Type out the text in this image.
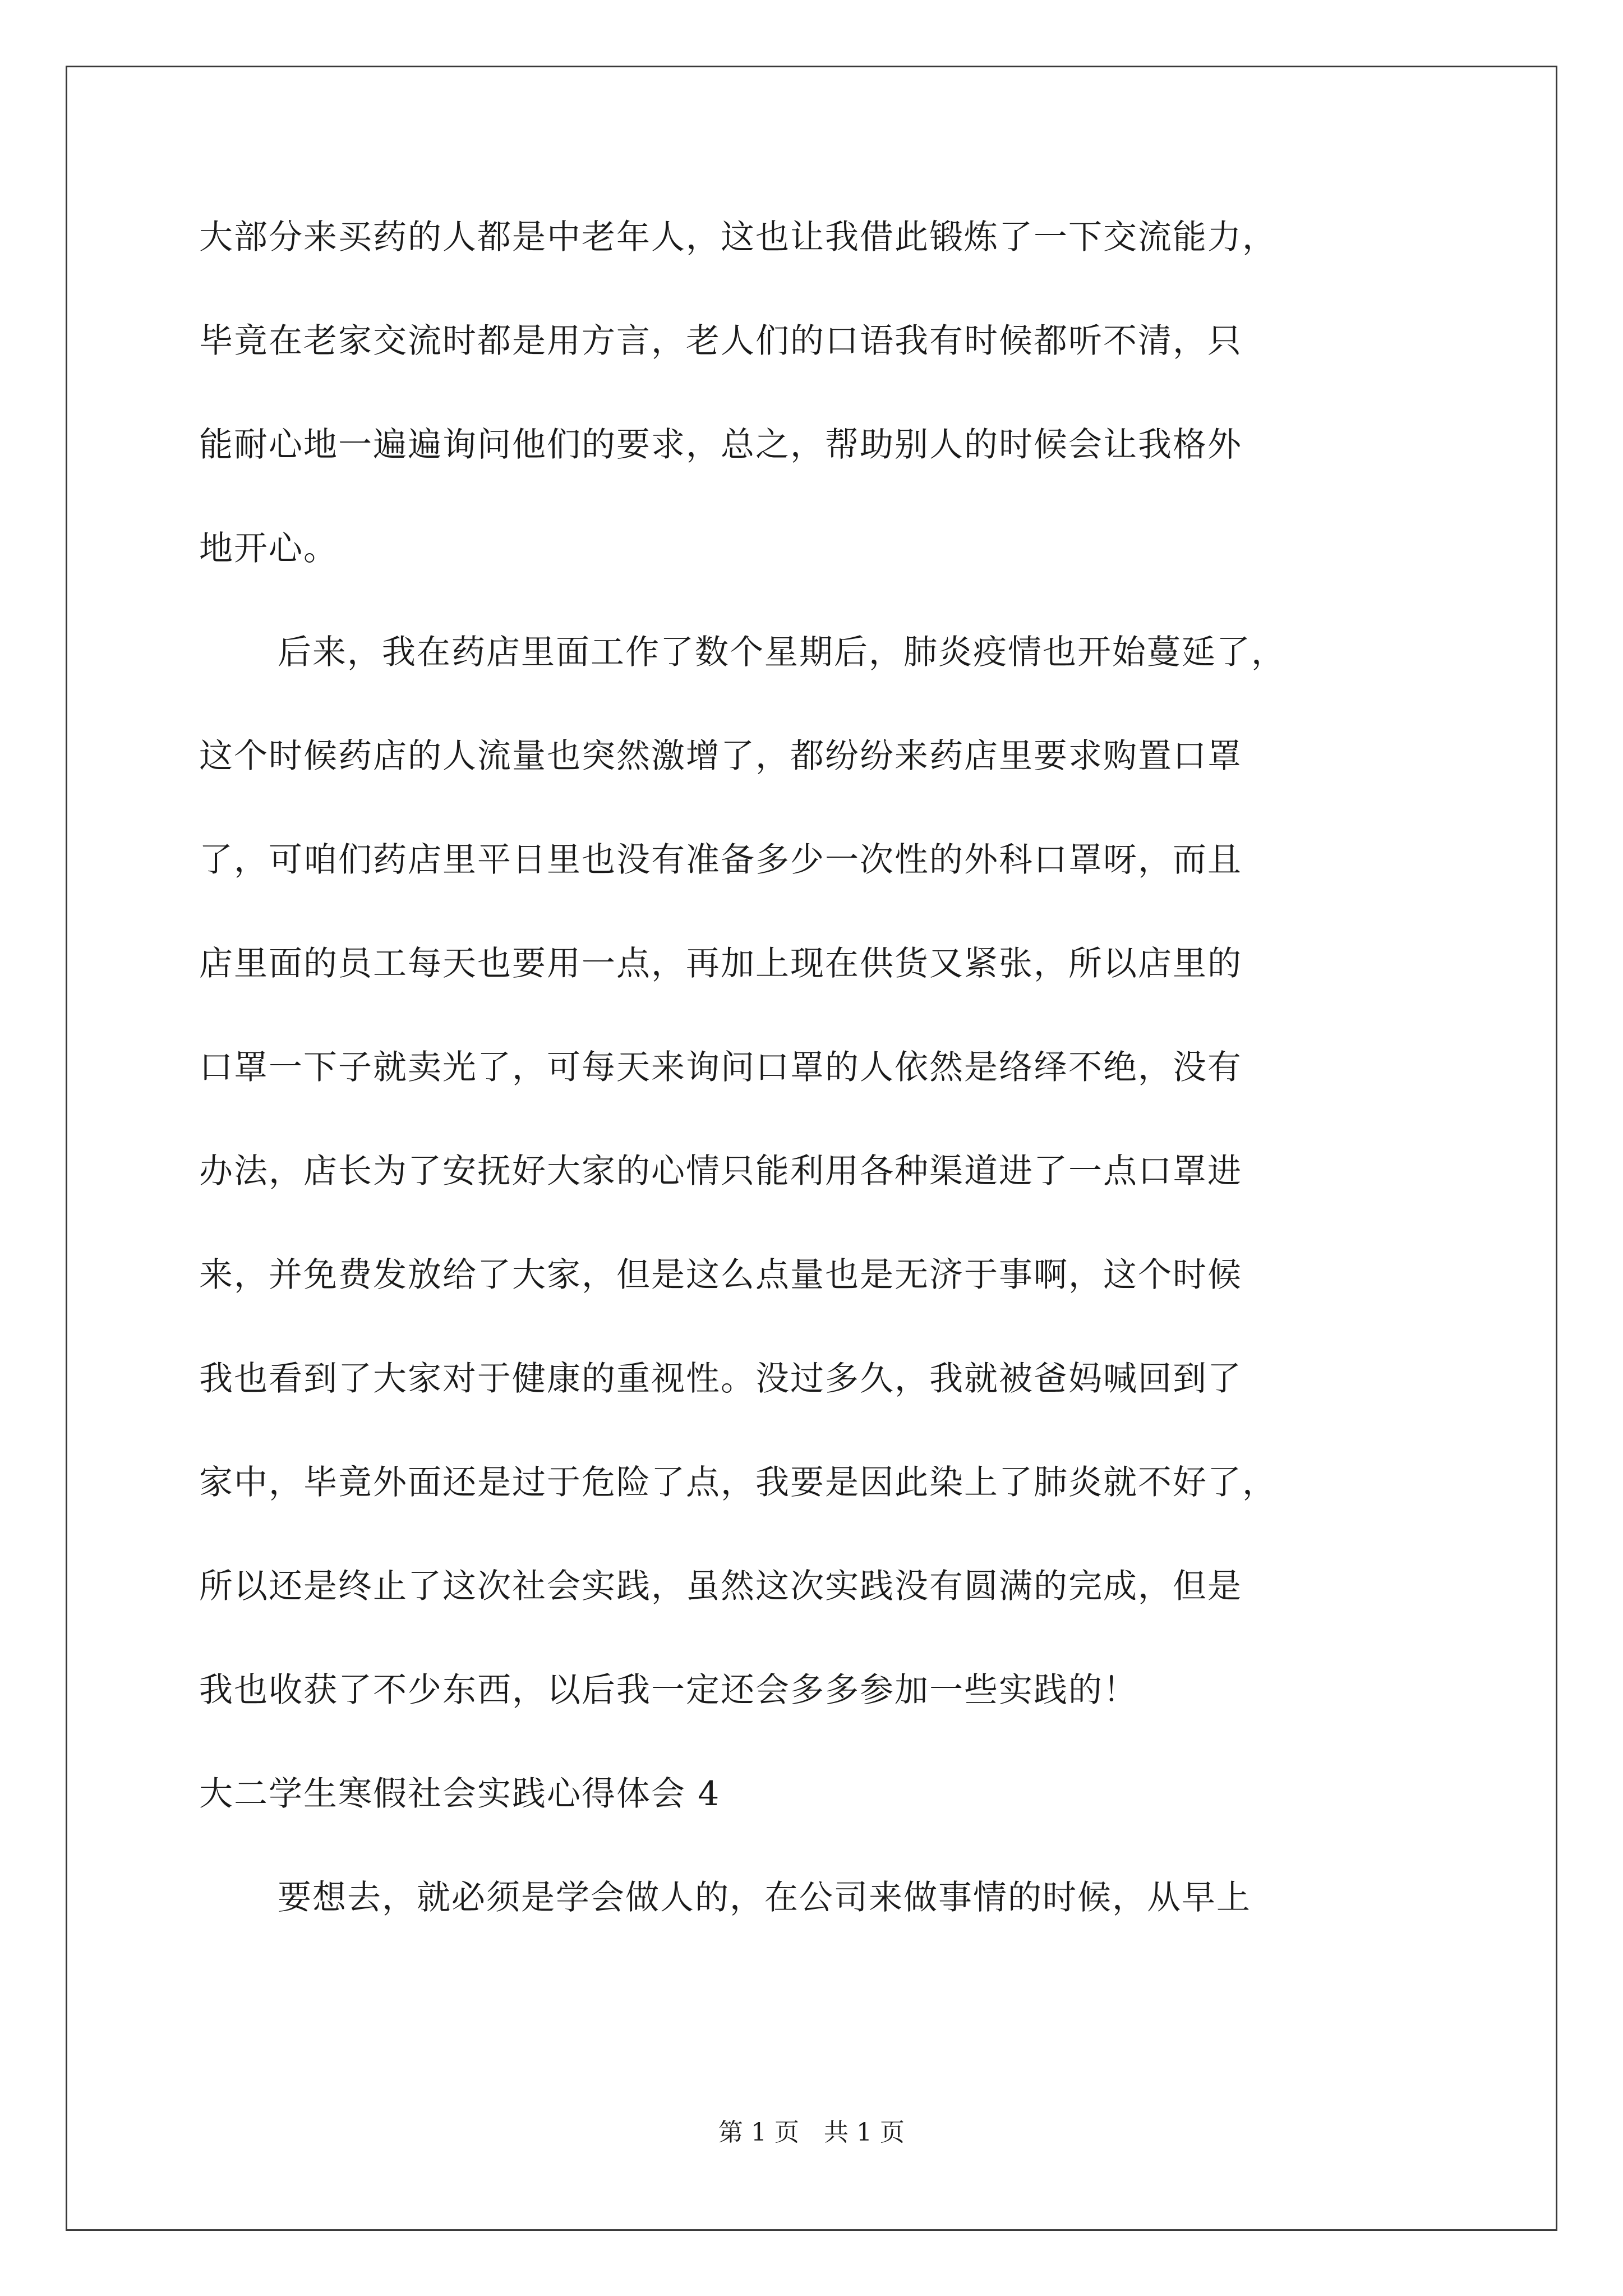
大部分来买药的人都是中老年人，这也让我借此锻炼了一下交流能力，
毕竟在老家交流时都是用方言，老人们的口语我有时候都听不清，只
能耐心地一遍遍询问他们的要求，总之，帮助别人的时候会让我格外
地开心。
后来，我在药店里面工作了数个星期后，肺炎疫情也开始蔓延了，
这个时候药店的人流量也突然激增了，都纷纷来药店里要求购置口罩
了，可咱们药店里平日里也没有准备多少一次性的外科口罩呀，而且
店里面的员工每天也要用一点，再加上现在供货又紧张，所以店里的
口罩一下子就卖光了，可每天来询问口罩的人依然是络绎不绝，没有
办法，店长为了安抚好大家的心情只能利用各种渠道进了一点口罩进
来，并免费发放给了大家，但是这么点量也是无济于事啊，这个时候
我也看到了大家对于健康的重视性。没过多久，我就被爸妈喊回到了
家中，毕竟外面还是过于危险了点，我要是因此染上了肺炎就不好了，
所以还是终止了这次社会实践，虽然这次实践没有圆满的完成，但是
我也收获了不少东西，以后我一定还会多多参加一些实践的！
大二学生寒假社会实践心得体会 4
要想去，就必须是学会做人的，在公司来做事情的时候，从早上
第 1 页　共 1 页
